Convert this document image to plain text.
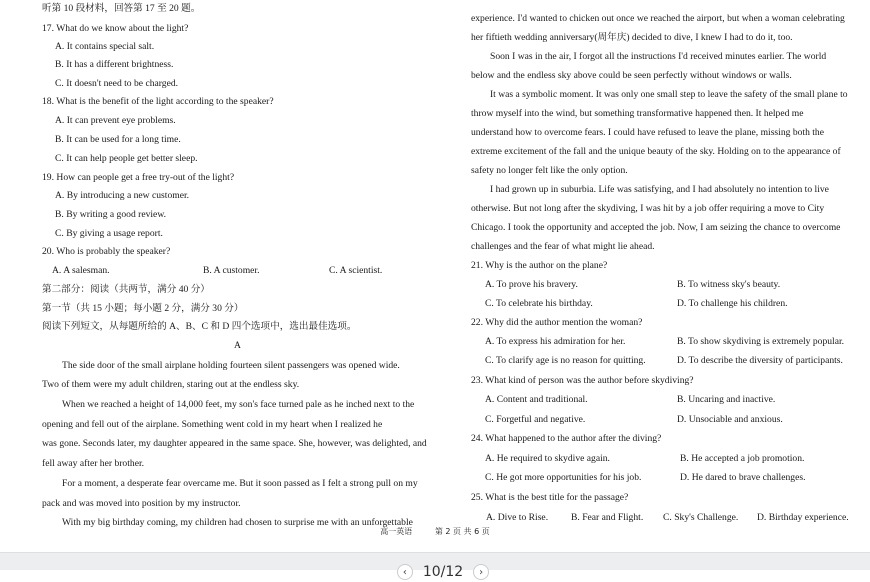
听第 10 段材料，回答第 17 至 20 题。
17. What do we know about the light?
A. It contains special salt.
B. It has a different brightness.
C. It doesn't need to be charged.
18. What is the benefit of the light according to the speaker?
A. It can prevent eye problems.
B. It can be used for a long time.
C. It can help people get better sleep.
19. How can people get a free try-out of the light?
A. By introducing a new customer.
B. By writing a good review.
C. By giving a usage report.
20. Who is probably the speaker?
A. A salesman.	B. A customer.	C. A scientist.
第二部分：阅读（共两节，满分 40 分）
第一节（共 15 小题；每小题 2 分，满分 30 分）
阅读下列短文，从每题所给的 A、B、C 和 D 四个选项中，选出最佳选项。
A
The side door of the small airplane holding fourteen silent passengers was opened wide.
Two of them were my adult children, staring out at the endless sky.
When we reached a height of 14,000 feet, my son's face turned pale as he inched next to the
opening and fell out of the airplane. Something went cold in my heart when I realized he
was gone. Seconds later, my daughter appeared in the same space. She, however, was delighted, and
fell away after her brother.
For a moment, a desperate fear overcame me. But it soon passed as I felt a strong pull on my
pack and was moved into position by my instructor.
With my big birthday coming, my children had chosen to surprise me with an unforgettable
experience. I'd wanted to chicken out once we reached the airport, but when a woman celebrating
her fiftieth wedding anniversary(周年庆) decided to dive, I knew I had to do it, too.
Soon I was in the air, I forgot all the instructions I'd received minutes earlier. The world
below and the endless sky above could be seen perfectly without windows or walls.
It was a symbolic moment. It was only one small step to leave the safety of the small plane to
throw myself into the wind, but something transformative happened then. It helped me
understand how to overcome fears. I could have refused to leave the plane, missing both the
extreme excitement of the fall and the unique beauty of the sky. Holding on to the appearance of
safety no longer felt like the only option.
I had grown up in suburbia. Life was satisfying, and I had absolutely no intention to live
otherwise. But not long after the skydiving, I was hit by a job offer requiring a move to City
Chicago. I took the opportunity and accepted the job. Now, I am seizing the chance to overcome
challenges and the fear of what might lie ahead.
21. Why is the author on the plane?
A. To prove his bravery.	B. To witness sky's beauty.
C. To celebrate his birthday.	D. To challenge his children.
22. Why did the author mention the woman?
A. To express his admiration for her.	B. To show skydiving is extremely popular.
C. To clarify age is no reason for quitting.	D. To describe the diversity of participants.
23. What kind of person was the author before skydiving?
A. Content and traditional.	B. Uncaring and inactive.
C. Forgetful and negative.	D. Unsociable and anxious.
24. What happened to the author after the diving?
A. He required to skydive again.	B. He accepted a job promotion.
C. He got more opportunities for his job.	D. He dared to brave challenges.
25. What is the best title for the passage?
A. Dive to Rise. B. Fear and Flight. C. Sky's Challenge. D. Birthday experience.
高一英语	第 2 页 共 6 页
‹	10/12	›
